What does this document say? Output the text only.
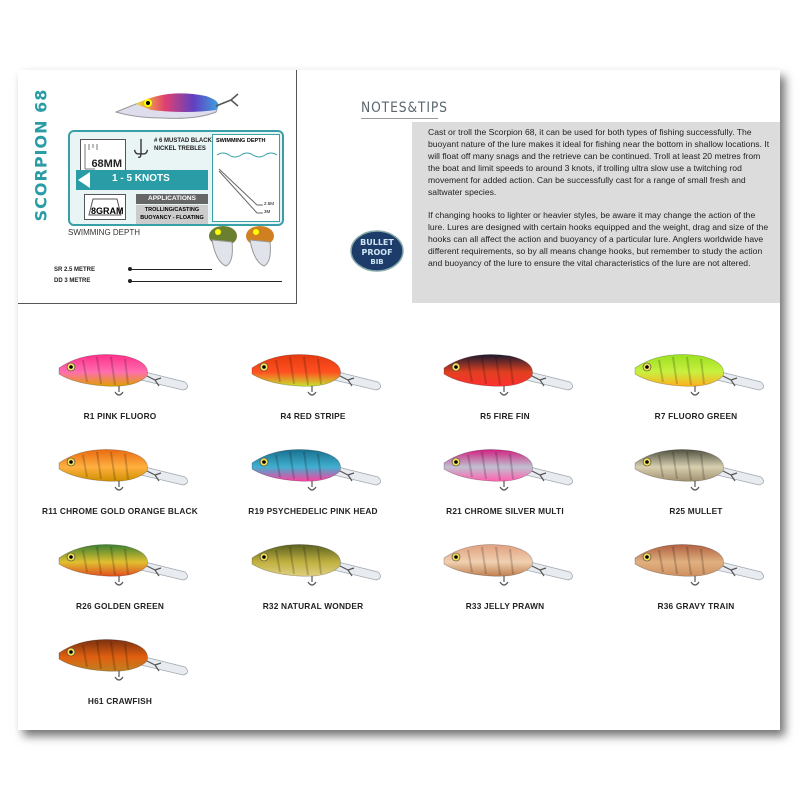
SCORPION 68	68MM
# 6 MUSTAD BLACK NICKEL TREBLES
1 - 5 KNOTS
8GRAM
APPLICATIONS
TROLLING/CASTING
BUOYANCY - FLOATING
SWIMMING DEPTH
2.5M
3M
SWIMMING DEPTH
SR 2.5 METRE
DD 3 METRE
NOTES&TIPS
BULLET
PROOF
BIB

Cast or troll the Scorpion 68, it can be used for both types of fishing successfully. The buoyant nature of the lure makes it ideal for fishing near the bottom in shallow locations. It will float off many snags and the retrieve can be continued. Troll at least 20 metres from the boat and limit speeds to around 3 knots, if trolling ultra slow use a twitching rod movement for added action. Can be successfully cast for a range of small fresh and saltwater species.

If changing hooks to lighter or heavier styles, be aware it may change the action of the lure. Lures are designed with certain hooks equipped and the weight, drag and size of the hooks can all affect the action and buoyancy of a particular lure. Anglers worldwide have different requirements, so by all means change hooks, but remember to study the action and buoyancy of the lure to ensure the vital characteristics of the lure are not altered.

R1 PINK FLUORO	R4 RED STRIPE	R5 FIRE FIN	R7 FLUORO GREEN
R11 CHROME GOLD ORANGE BLACK	R19 PSYCHEDELIC PINK HEAD	R21 CHROME SILVER MULTI	R25 MULLET
R26 GOLDEN GREEN	R32 NATURAL WONDER	R33 JELLY PRAWN	R36 GRAVY TRAIN
H61 CRAWFISH
